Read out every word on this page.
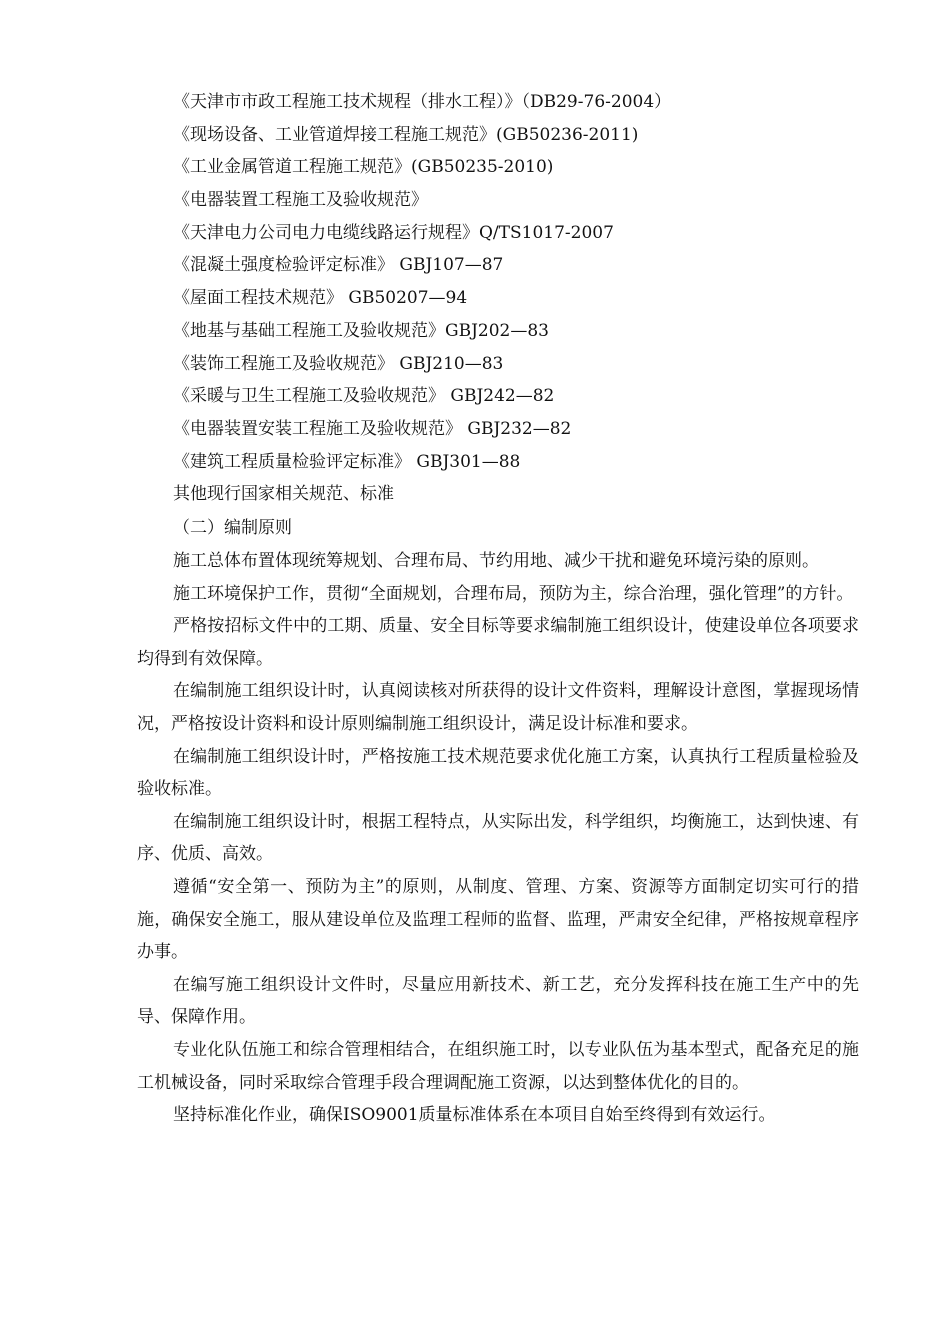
《天津市市政工程施工技术规程（排水工程）》（DB29-76-2004）
《现场设备、工业管道焊接工程施工规范》(GB50236-2011)
《工业金属管道工程施工规范》(GB50235-2010)
《电器装置工程施工及验收规范》
《天津电力公司电力电缆线路运行规程》Q/TS1017-2007
《混凝土强度检验评定标准》 GBJ107—87
《屋面工程技术规范》 GB50207—94
《地基与基础工程施工及验收规范》GBJ202—83
《装饰工程施工及验收规范》 GBJ210—83
《采暖与卫生工程施工及验收规范》 GBJ242—82
《电器装置安装工程施工及验收规范》 GBJ232—82
《建筑工程质量检验评定标准》 GBJ301—88
其他现行国家相关规范、标准
（二）编制原则

施工总体布置体现统筹规划、合理布局、节约用地、减少干扰和避免环境污染的原则。

施工环境保护工作，贯彻“全面规划，合理布局，预防为主，综合治理，强化管理”的方针。

严格按招标文件中的工期、质量、安全目标等要求编制施工组织设计，使建设单位各项要求均得到有效保障。

在编制施工组织设计时，认真阅读核对所获得的设计文件资料，理解设计意图，掌握现场情况，严格按设计资料和设计原则编制施工组织设计，满足设计标准和要求。

在编制施工组织设计时，严格按施工技术规范要求优化施工方案，认真执行工程质量检验及验收标准。

在编制施工组织设计时，根据工程特点，从实际出发，科学组织，均衡施工，达到快速、有序、优质、高效。

遵循“安全第一、预防为主”的原则，从制度、管理、方案、资源等方面制定切实可行的措施，确保安全施工，服从建设单位及监理工程师的监督、监理，严肃安全纪律，严格按规章程序办事。

在编写施工组织设计文件时，尽量应用新技术、新工艺，充分发挥科技在施工生产中的先导、保障作用。

专业化队伍施工和综合管理相结合，在组织施工时，以专业队伍为基本型式，配备充足的施工机械设备，同时采取综合管理手段合理调配施工资源，以达到整体优化的目的。

坚持标准化作业，确保ISO9001质量标准体系在本项目自始至终得到有效运行。
